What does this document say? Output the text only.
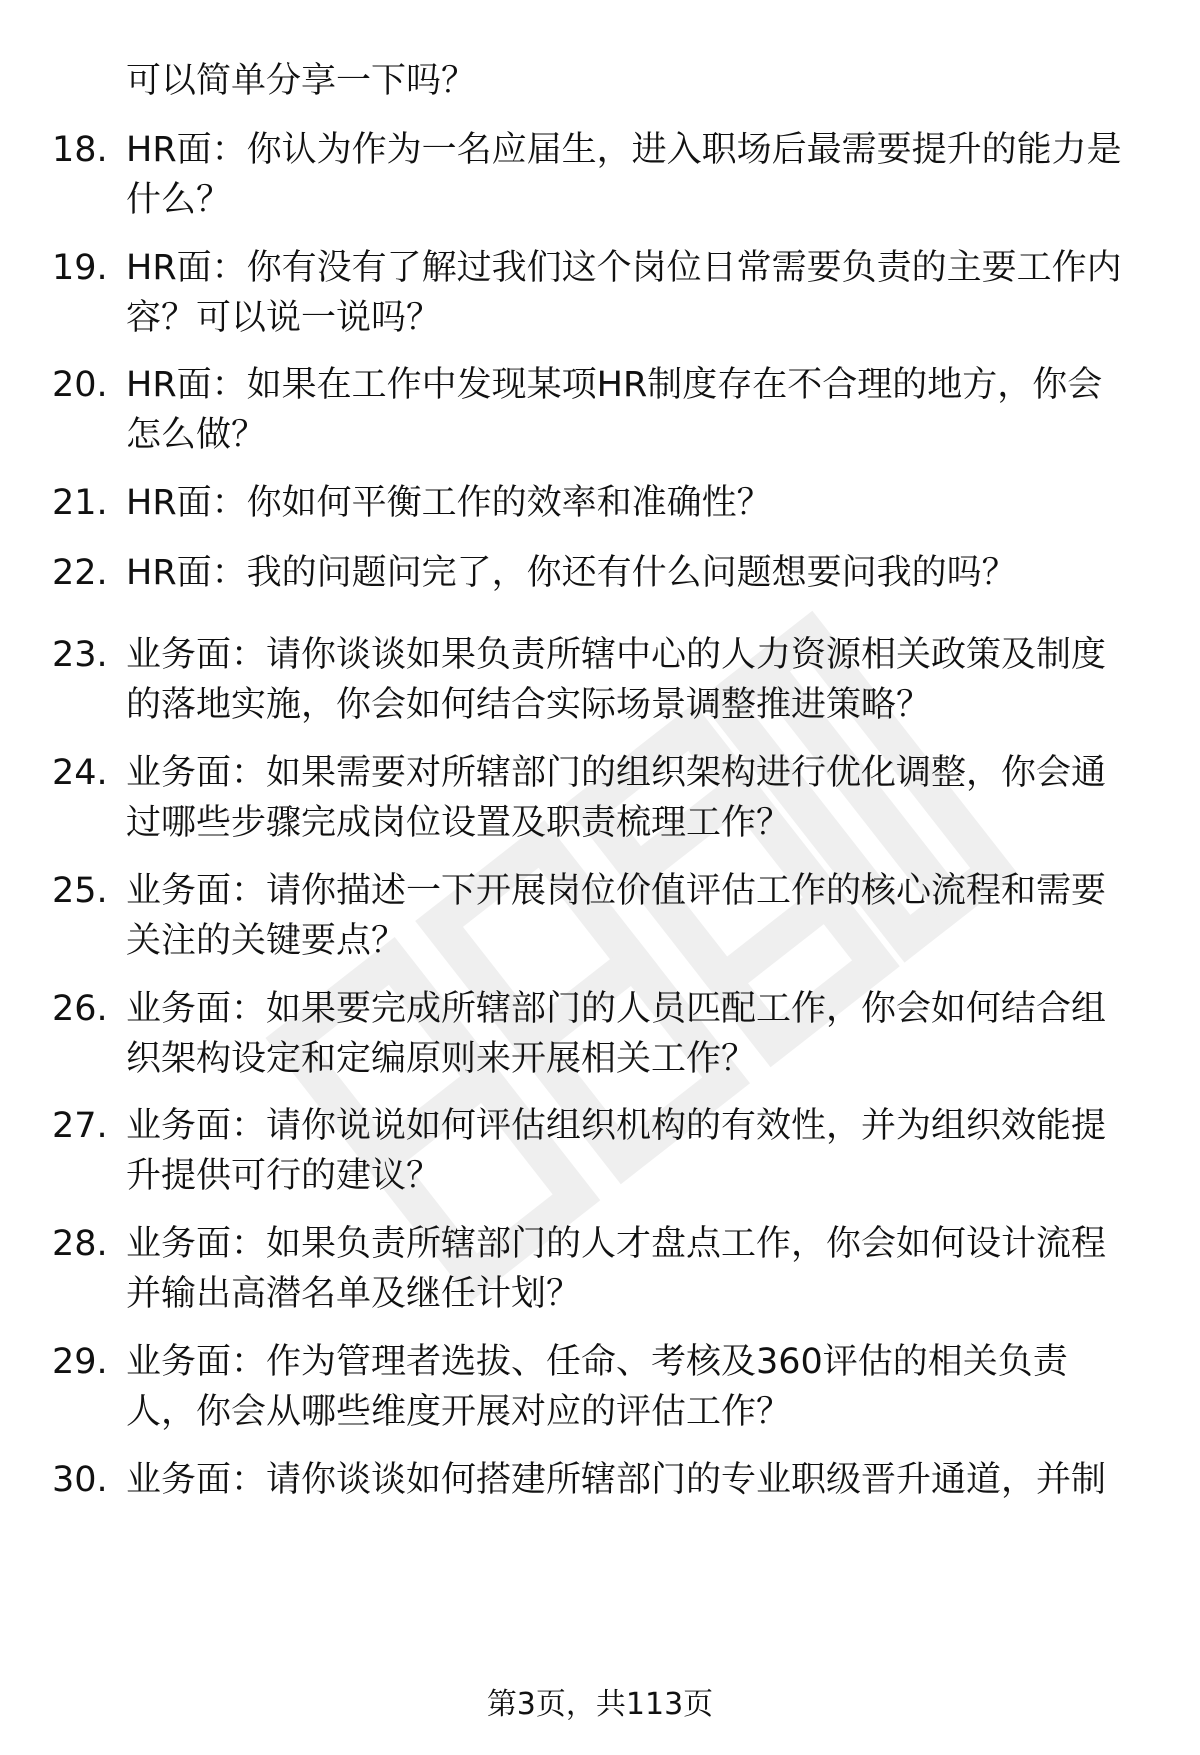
可以简单分享一下吗？

18. HR面：你认为作为一名应届生，进入职场后最需要提升的能力是
什么？
19. HR面：你有没有了解过我们这个岗位日常需要负责的主要工作内
容？可以说一说吗？
20. HR面：如果在工作中发现某项HR制度存在不合理的地方，你会
怎么做？
21. HR面：你如何平衡工作的效率和准确性？
22. HR面：我的问题问完了，你还有什么问题想要问我的吗？
23. 业务面：请你谈谈如果负责所辖中心的人力资源相关政策及制度
的落地实施，你会如何结合实际场景调整推进策略？
24. 业务面：如果需要对所辖部门的组织架构进行优化调整，你会通
过哪些步骤完成岗位设置及职责梳理工作？
25. 业务面：请你描述一下开展岗位价值评估工作的核心流程和需要
关注的关键要点？
26. 业务面：如果要完成所辖部门的人员匹配工作，你会如何结合组
织架构设定和定编原则来开展相关工作？
27. 业务面：请你说说如何评估组织机构的有效性，并为组织效能提
升提供可行的建议？
28. 业务面：如果负责所辖部门的人才盘点工作，你会如何设计流程
并输出高潜名单及继任计划？
29. 业务面：作为管理者选拔、任命、考核及360评估的相关负责
人，你会从哪些维度开展对应的评估工作？
30. 业务面：请你谈谈如何搭建所辖部门的专业职级晋升通道，并制
第3页，共113页
